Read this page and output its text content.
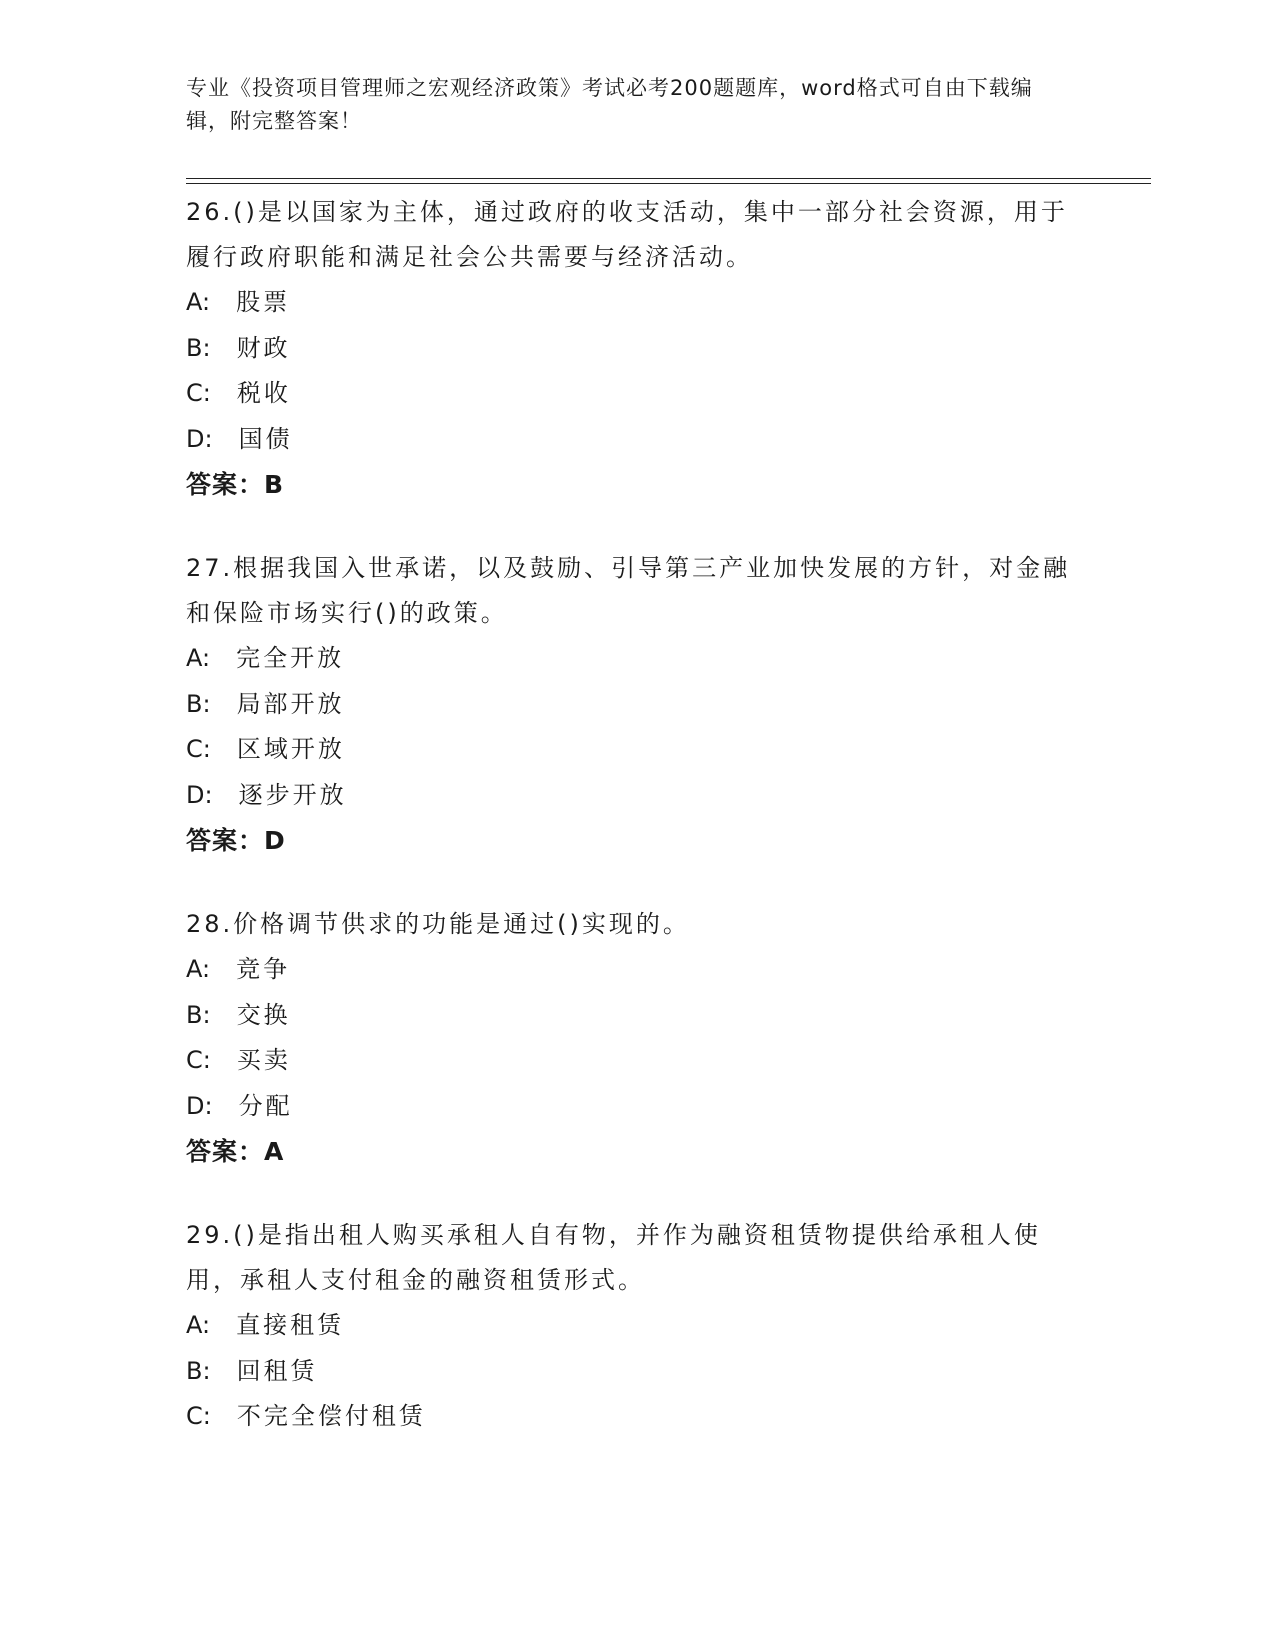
专业《投资项目管理师之宏观经济政策》考试必考200题题库，word格式可自由下载编辑，附完整答案！

26.()是以国家为主体，通过政府的收支活动，集中一部分社会资源，用于履行政府职能和满足社会公共需要与经济活动。

A: 股票

B: 财政

C: 税收

D: 国债

答案：B

27.根据我国入世承诺，以及鼓励、引导第三产业加快发展的方针，对金融和保险市场实行()的政策。

A: 完全开放

B: 局部开放

C: 区域开放

D: 逐步开放

答案：D

28.价格调节供求的功能是通过()实现的。

A: 竞争

B: 交换

C: 买卖

D: 分配

答案：A

29.()是指出租人购买承租人自有物，并作为融资租赁物提供给承租人使用，承租人支付租金的融资租赁形式。

A: 直接租赁

B: 回租赁

C: 不完全偿付租赁
